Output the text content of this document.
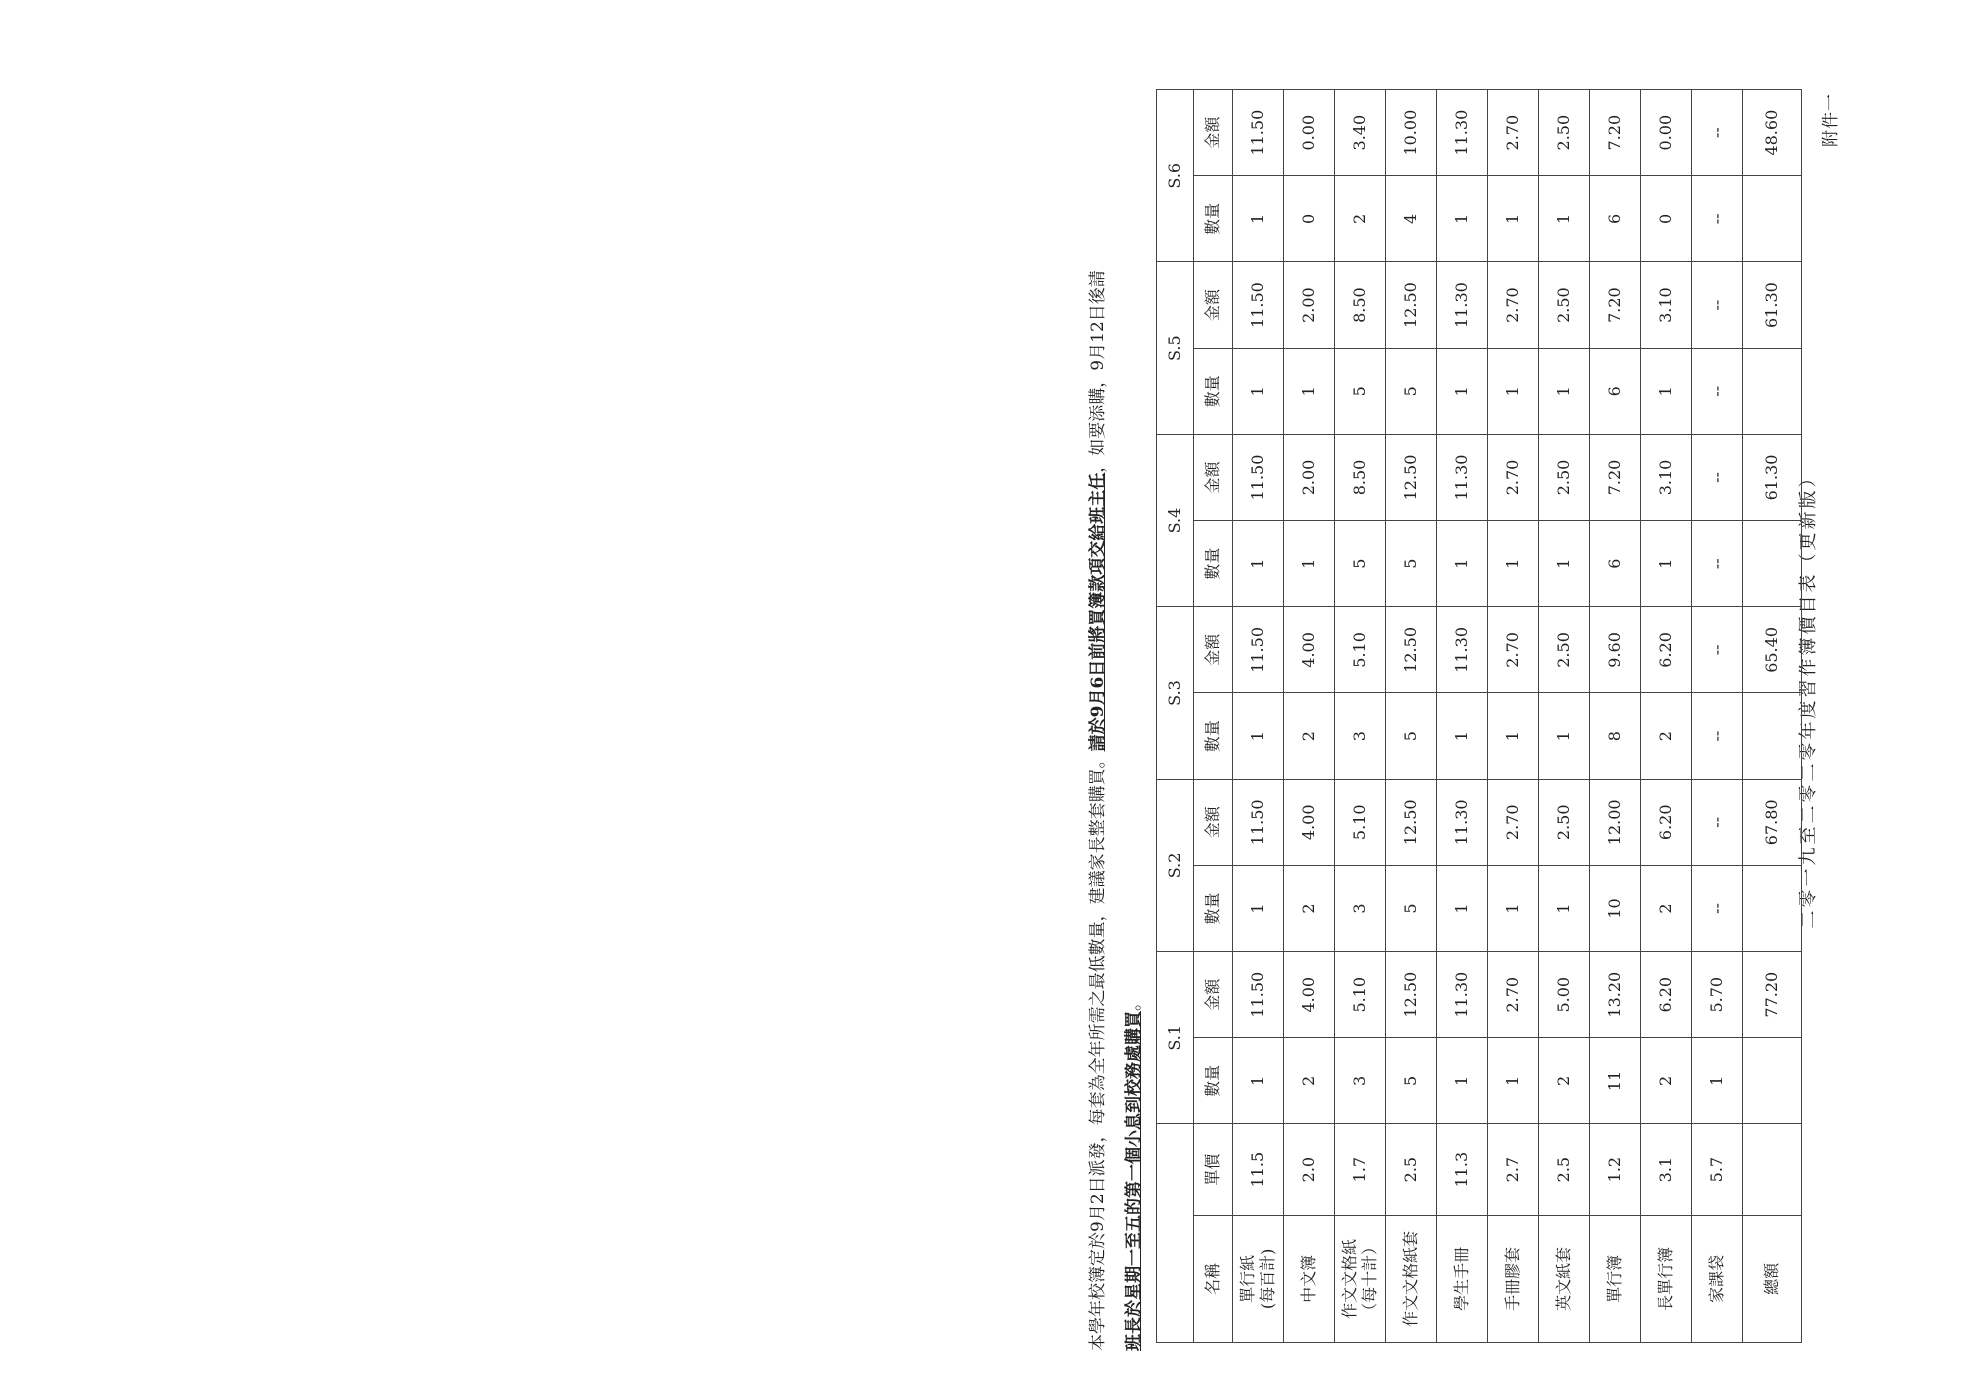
附件一
二零一九至二零二零年度習作簿價目表（更新版）
		S.1		S.2		S.3		S.4		S.5		S.6	
名稱	單價	數量	金額	數量	金額	數量	金額	數量	金額	數量	金額	數量	金額
單行紙
(每百計)	11.5	1	11.50	1	11.50	1	11.50	1	11.50	1	11.50	1	11.50
中文簿	2.0	2	4.00	2	4.00	2	4.00	1	2.00	1	2.00	0	0.00
作文文格紙
（每十計）	1.7	3	5.10	3	5.10	3	5.10	5	8.50	5	8.50	2	3.40
作文文格紙套	2.5	5	12.50	5	12.50	5	12.50	5	12.50	5	12.50	4	10.00
學生手冊	11.3	1	11.30	1	11.30	1	11.30	1	11.30	1	11.30	1	11.30
手冊膠套	2.7	1	2.70	1	2.70	1	2.70	1	2.70	1	2.70	1	2.70
英文紙套	2.5	2	5.00	1	2.50	1	2.50	1	2.50	1	2.50	1	2.50
單行簿	1.2	11	13.20	10	12.00	8	9.60	6	7.20	6	7.20	6	7.20
長單行簿	3.1	2	6.20	2	6.20	2	6.20	1	3.10	1	3.10	0	0.00
家課袋	5.7	1	5.70	--	--	--	--	--	--	--	--	--	--
總額			77.20		67.80		65.40		61.30		61.30		48.60

本學年校簿定於9月2日派發，每套為全年所需之最低數量，建議家長整套購買。請於9月6日前將買簿款項交給班主任，如要添購，9月12日後請

班長於星期一至五的第一個小息到校務處購買。
